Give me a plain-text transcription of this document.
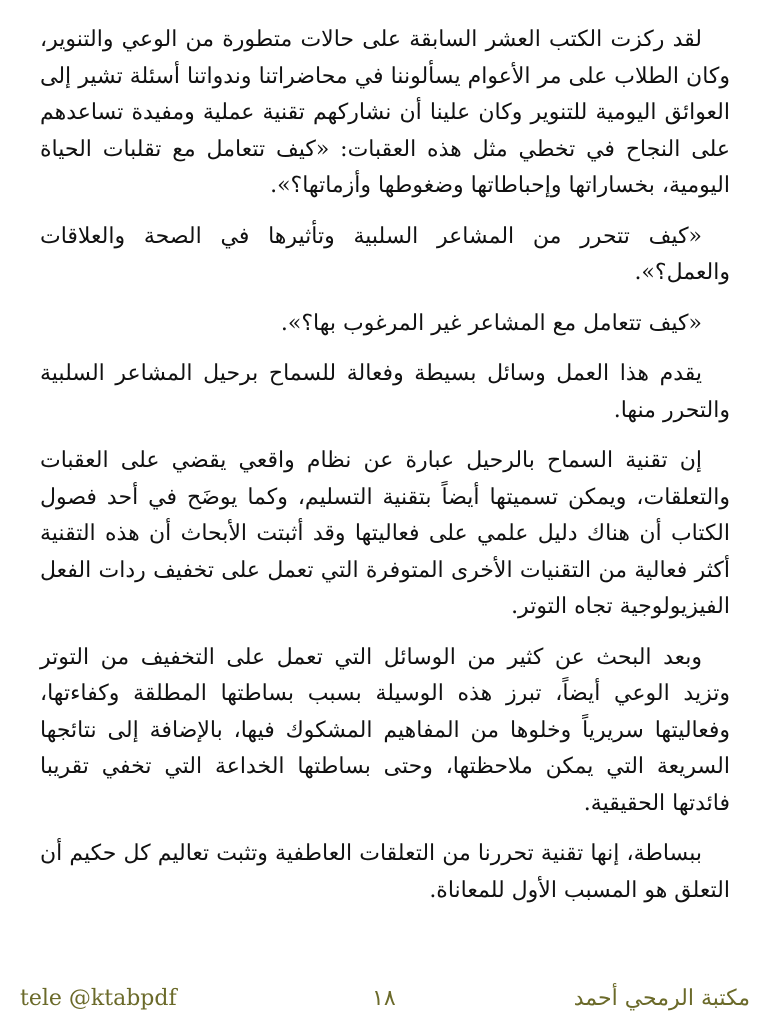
لقد ركزت الكتب العشر السابقة على حالات متطورة من الوعي والتنوير، وكان الطلاب على مر الأعوام يسألوننا في محاضراتنا وندواتنا أسئلة تشير إلى العوائق اليومية للتنوير وكان علينا أن نشاركهم تقنية عملية ومفيدة تساعدهم على النجاح في تخطي مثل هذه العقبات: «كيف تتعامل مع تقلبات الحياة اليومية، بخساراتها وإحباطاتها وضغوطها وأزماتها؟».

«كيف تتحرر من المشاعر السلبية وتأثيرها في الصحة والعلاقات والعمل؟».

«كيف تتعامل مع المشاعر غير المرغوب بها؟».

يقدم هذا العمل وسائل بسيطة وفعالة للسماح برحيل المشاعر السلبية والتحرر منها.

إن تقنية السماح بالرحيل عبارة عن نظام واقعي يقضي على العقبات والتعلقات، ويمكن تسميتها أيضاً بتقنية التسليم، وكما يوضَح في أحد فصول الكتاب أن هناك دليل علمي على فعاليتها وقد أثبتت الأبحاث أن هذه التقنية أكثر فعالية من التقنيات الأخرى المتوفرة التي تعمل على تخفيف ردات الفعل الفيزيولوجية تجاه التوتر.

وبعد البحث عن كثير من الوسائل التي تعمل على التخفيف من التوتر وتزيد الوعي أيضاً، تبرز هذه الوسيلة بسبب بساطتها المطلقة وكفاءتها، وفعاليتها سريرياً وخلوها من المفاهيم المشكوك فيها، بالإضافة إلى نتائجها السريعة التي يمكن ملاحظتها، وحتى بساطتها الخداعة التي تخفي تقريبا فائدتها الحقيقية.

ببساطة، إنها تقنية تحررنا من التعلقات العاطفية وتثبت تعاليم كل حكيم أن التعلق هو المسبب الأول للمعاناة.

tele @ktabpdf	١٨	مكتبة الرمحي أحمد
